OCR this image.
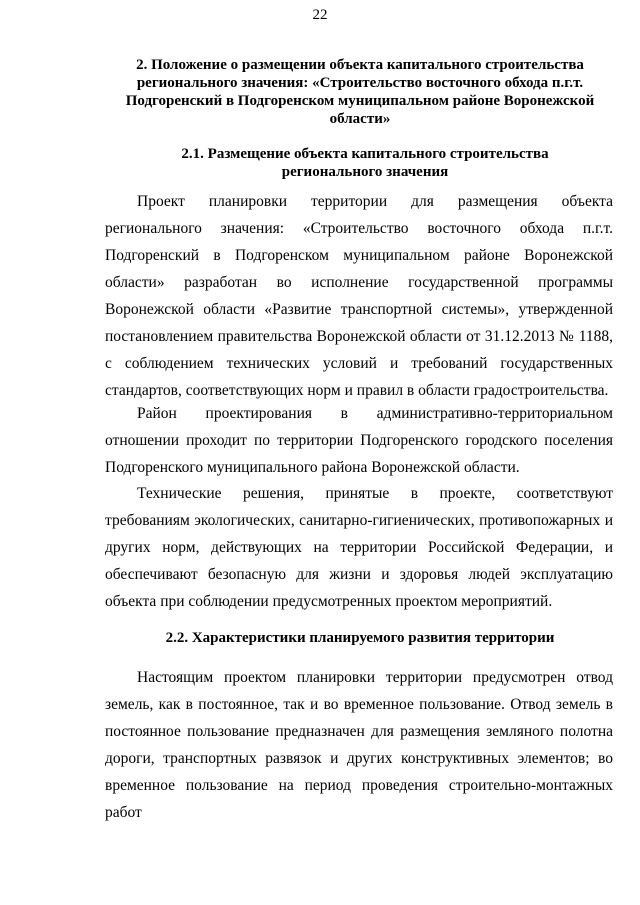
22
2. Положение о размещении объекта капитального строительства регионального значения: «Строительство восточного обхода п.г.т. Подгоренский в Подгоренском муниципальном районе Воронежской области»
2.1. Размещение объекта капитального строительства регионального значения

Проект планировки территории для размещения объекта регионального значения: «Строительство восточного обхода п.г.т. Подгоренский в Подгоренском муниципальном районе Воронежской области» разработан во исполнение государственной программы Воронежской области «Развитие транспортной системы», утвержденной постановлением правительства Воронежской области от 31.12.2013 № 1188, с соблюдением технических условий и требований государственных стандартов, соответствующих норм и правил в области градостроительства.

Район проектирования в административно-территориальном отношении проходит по территории Подгоренского городского поселения Подгоренского муниципального района Воронежской области.

Технические решения, принятые в проекте, соответствуют требованиям экологических, санитарно-гигиенических, противопожарных и других норм, действующих на территории Российской Федерации, и обеспечивают безопасную для жизни и здоровья людей эксплуатацию объекта при соблюдении предусмотренных проектом мероприятий.

2.2. Характеристики планируемого развития территории

Настоящим проектом планировки территории предусмотрен отвод земель, как в постоянное, так и во временное пользование. Отвод земель в постоянное пользование предназначен для размещения земляного полотна дороги, транспортных развязок и других конструктивных элементов; во временное пользование на период проведения строительно-монтажных работ
